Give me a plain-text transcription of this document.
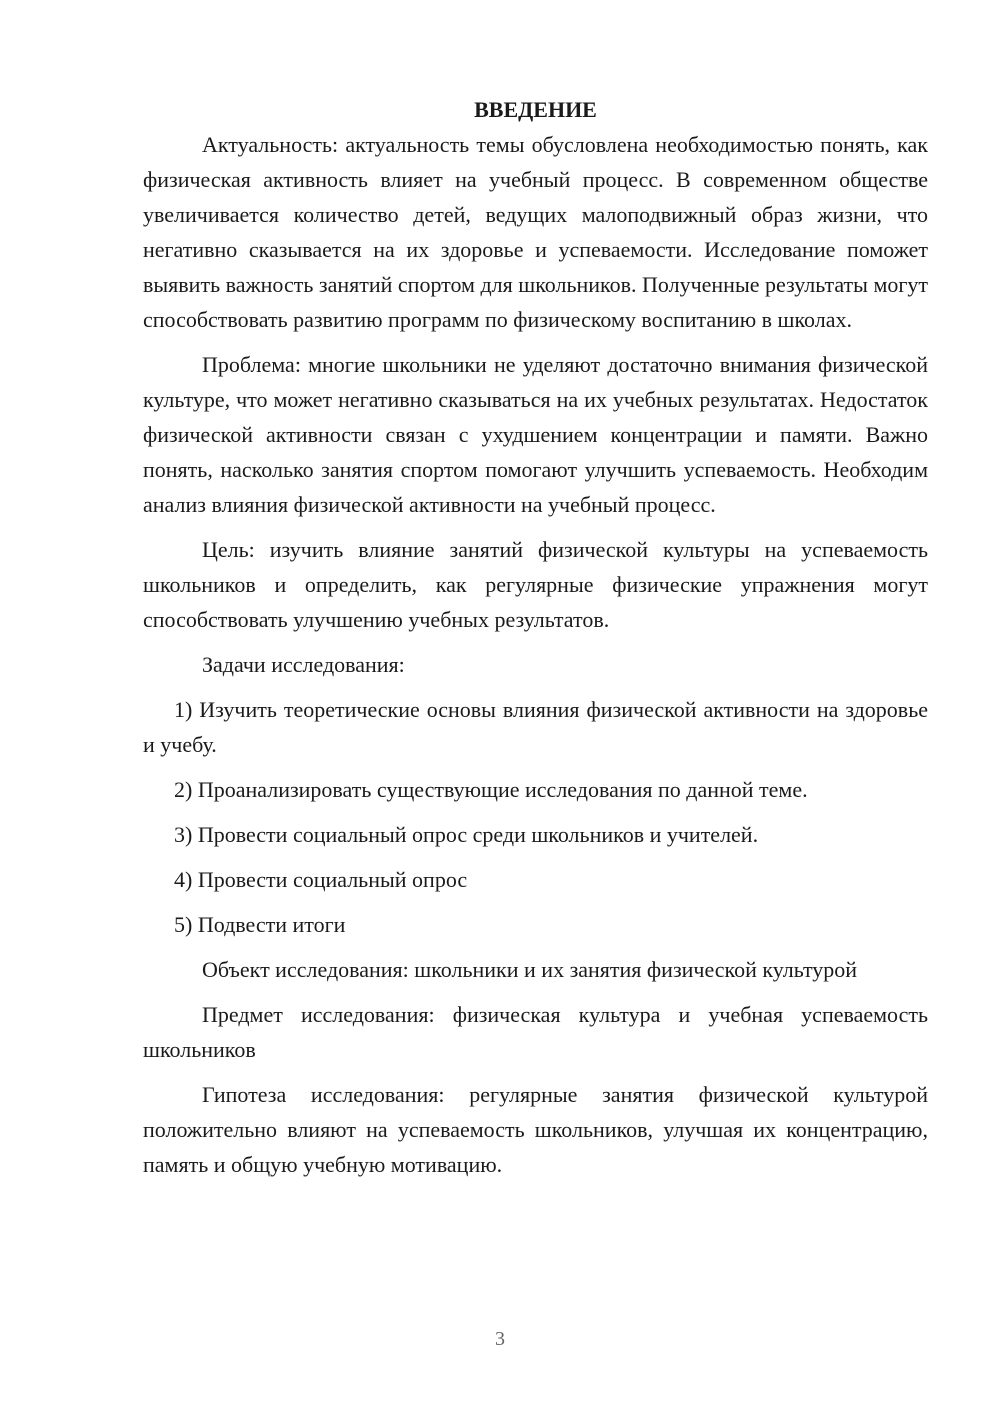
ВВЕДЕНИЕ

Актуальность: актуальность темы обусловлена необходимостью понять, как физическая активность влияет на учебный процесс. В современном обществе увеличивается количество детей, ведущих малоподвижный образ жизни, что негативно сказывается на их здоровье и успеваемости. Исследование поможет выявить важность занятий спортом для школьников. Полученные результаты могут способствовать развитию программ по физическому воспитанию в школах.

Проблема: многие школьники не уделяют достаточно внимания физической культуре, что может негативно сказываться на их учебных результатах. Недостаток физической активности связан с ухудшением концентрации и памяти. Важно понять, насколько занятия спортом помогают улучшить успеваемость. Необходим анализ влияния физической активности на учебный процесс.

Цель: изучить влияние занятий физической культуры на успеваемость школьников и определить, как регулярные физические упражнения могут способствовать улучшению учебных результатов.

Задачи исследования:

1) Изучить теоретические основы влияния физической активности на здоровье и учебу.

2) Проанализировать существующие исследования по данной теме.

3) Провести социальный опрос среди школьников и учителей.

4) Провести социальный опрос

5) Подвести итоги

Объект исследования: школьники и их занятия физической культурой

Предмет исследования: физическая культура и учебная успеваемость школьников

Гипотеза исследования: регулярные занятия физической культурой положительно влияют на успеваемость школьников, улучшая их концентрацию, память и общую учебную мотивацию.

3
